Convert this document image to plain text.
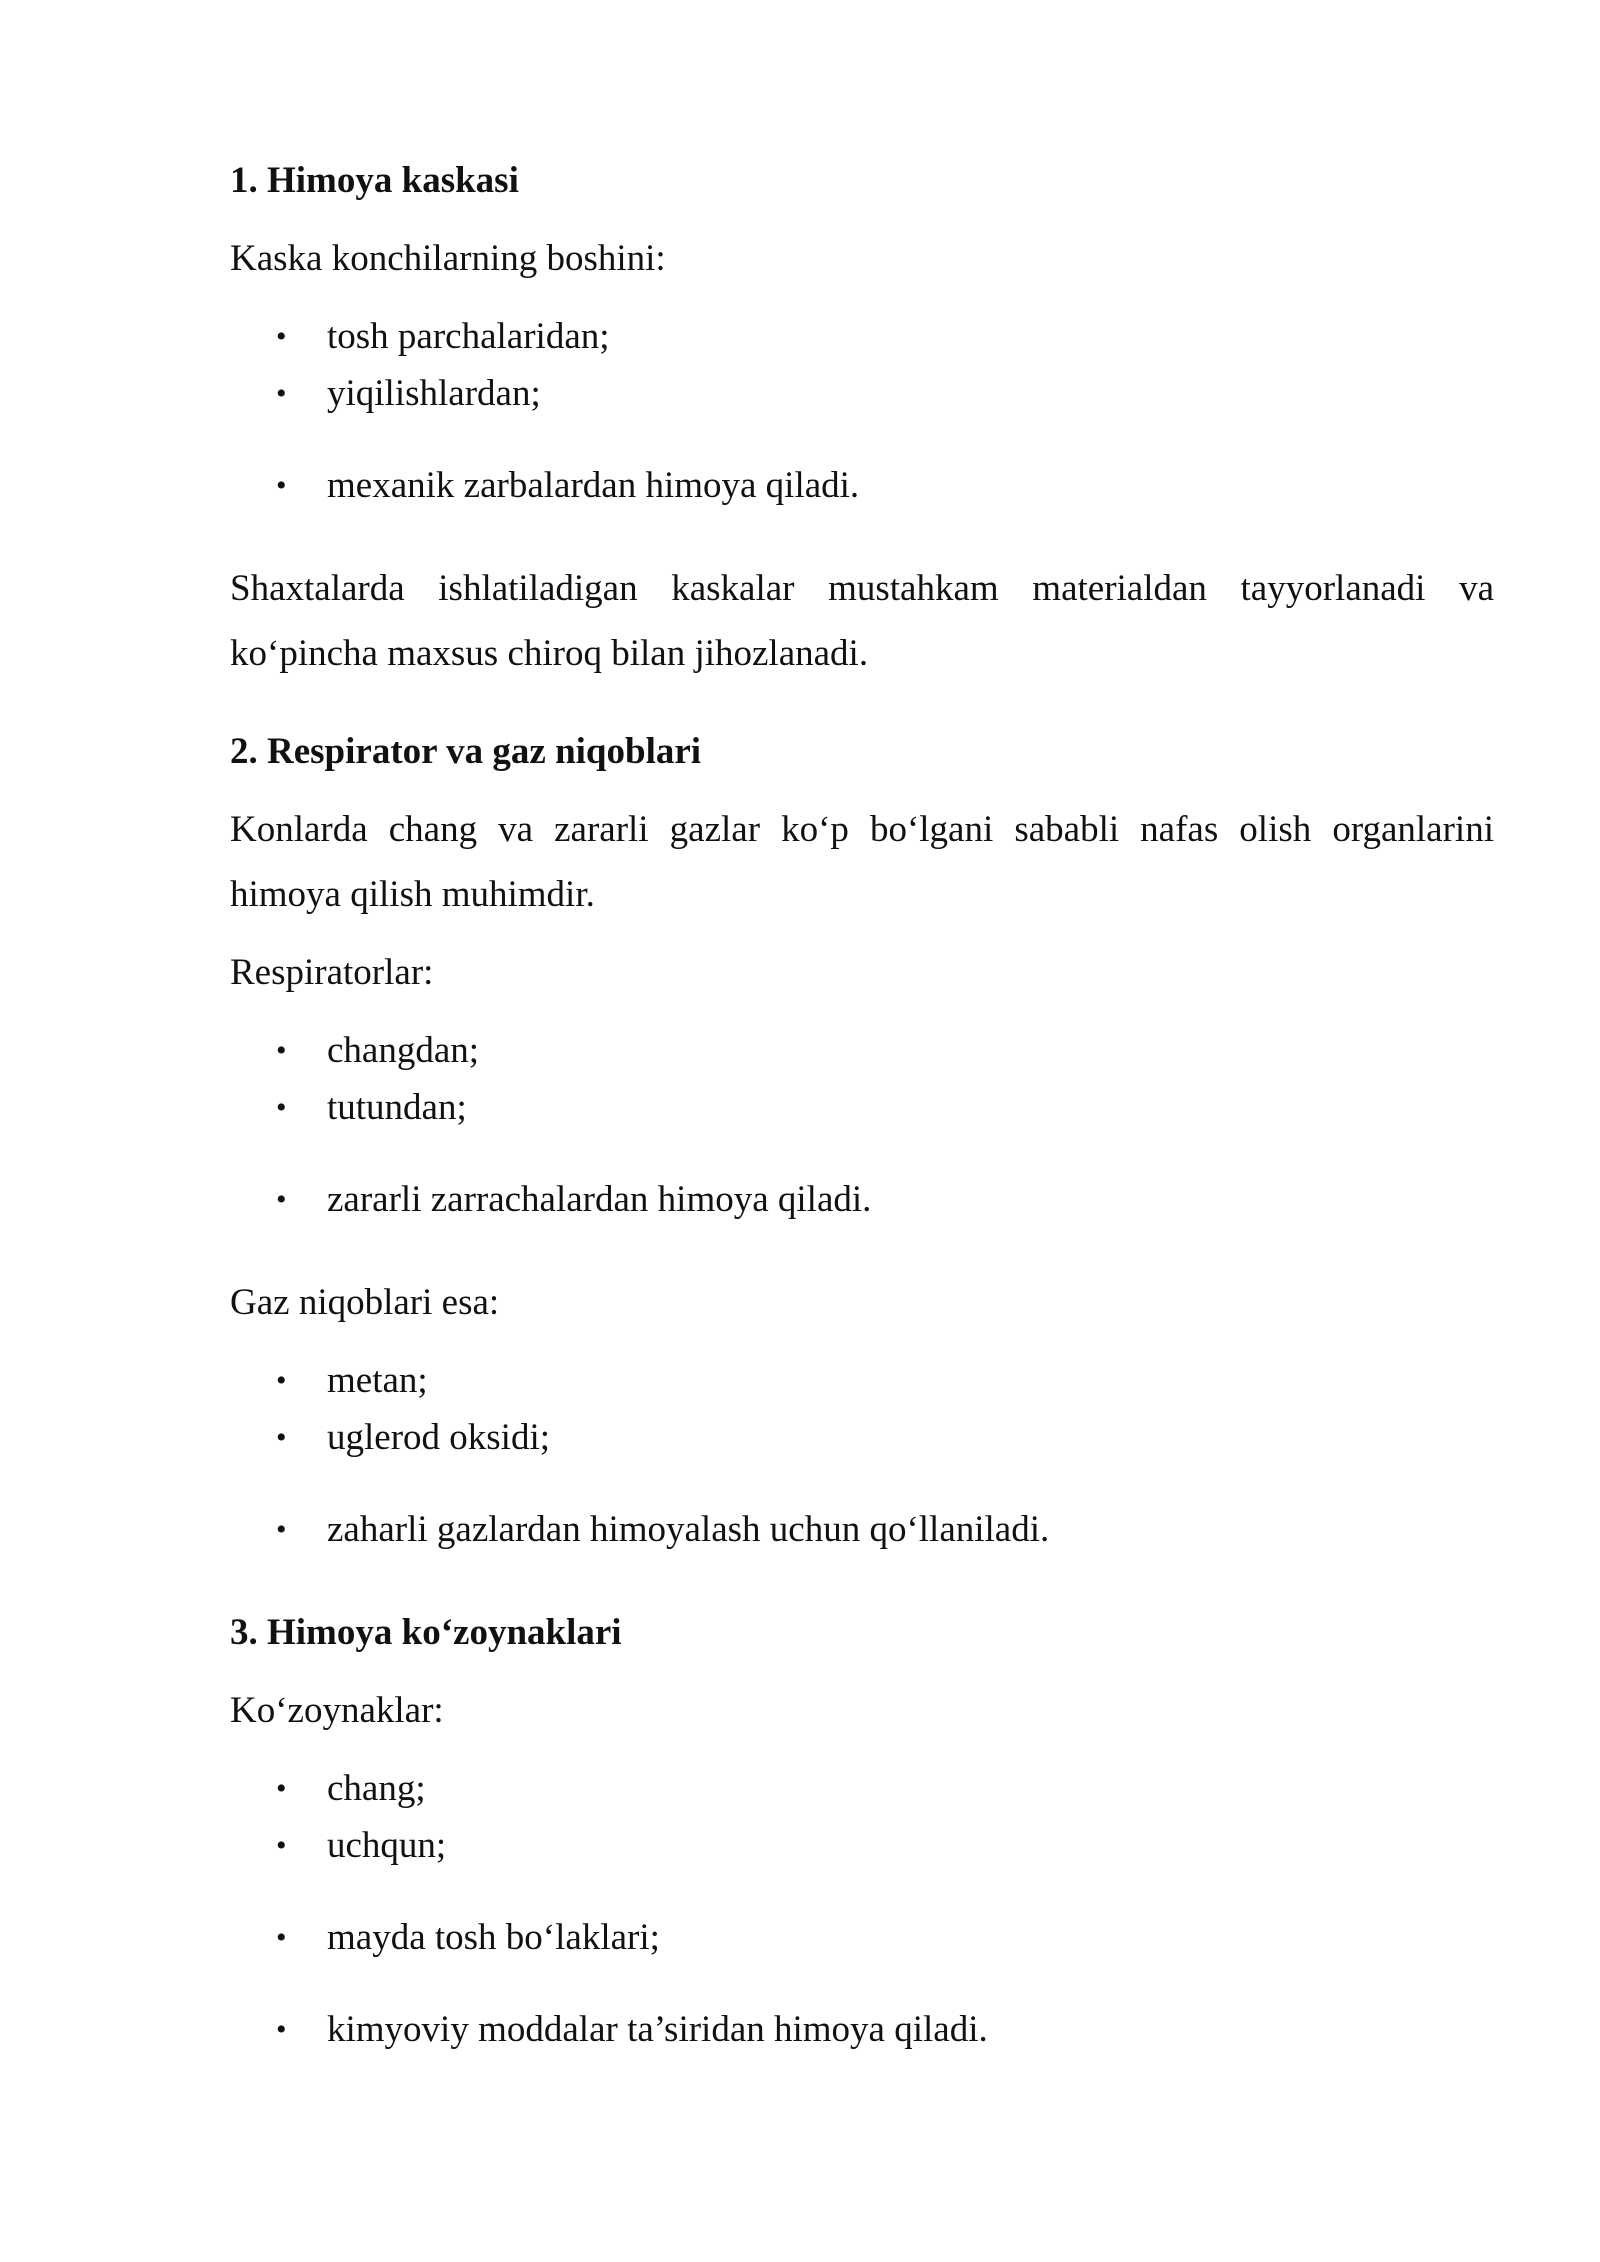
1. Himoya kaskasi

Kaska konchilarning boshini:

• tosh parchalaridan;
• yiqilishlardan;
• mexanik zarbalardan himoya qiladi.

Shaxtalarda ishlatiladigan kaskalar mustahkam materialdan tayyorlanadi va ko‘pincha maxsus chiroq bilan jihozlanadi.

2. Respirator va gaz niqoblari

Konlarda chang va zararli gazlar ko‘p bo‘lgani sababli nafas olish organlarini himoya qilish muhimdir.

Respiratorlar:

• changdan;
• tutundan;
• zararli zarrachalardan himoya qiladi.

Gaz niqoblari esa:

• metan;
• uglerod oksidi;
• zaharli gazlardan himoyalash uchun qo‘llaniladi.
3. Himoya ko‘zoynaklari

Ko‘zoynaklar:

• chang;
• uchqun;
• mayda tosh bo‘laklari;
• kimyoviy moddalar ta’siridan himoya qiladi.
